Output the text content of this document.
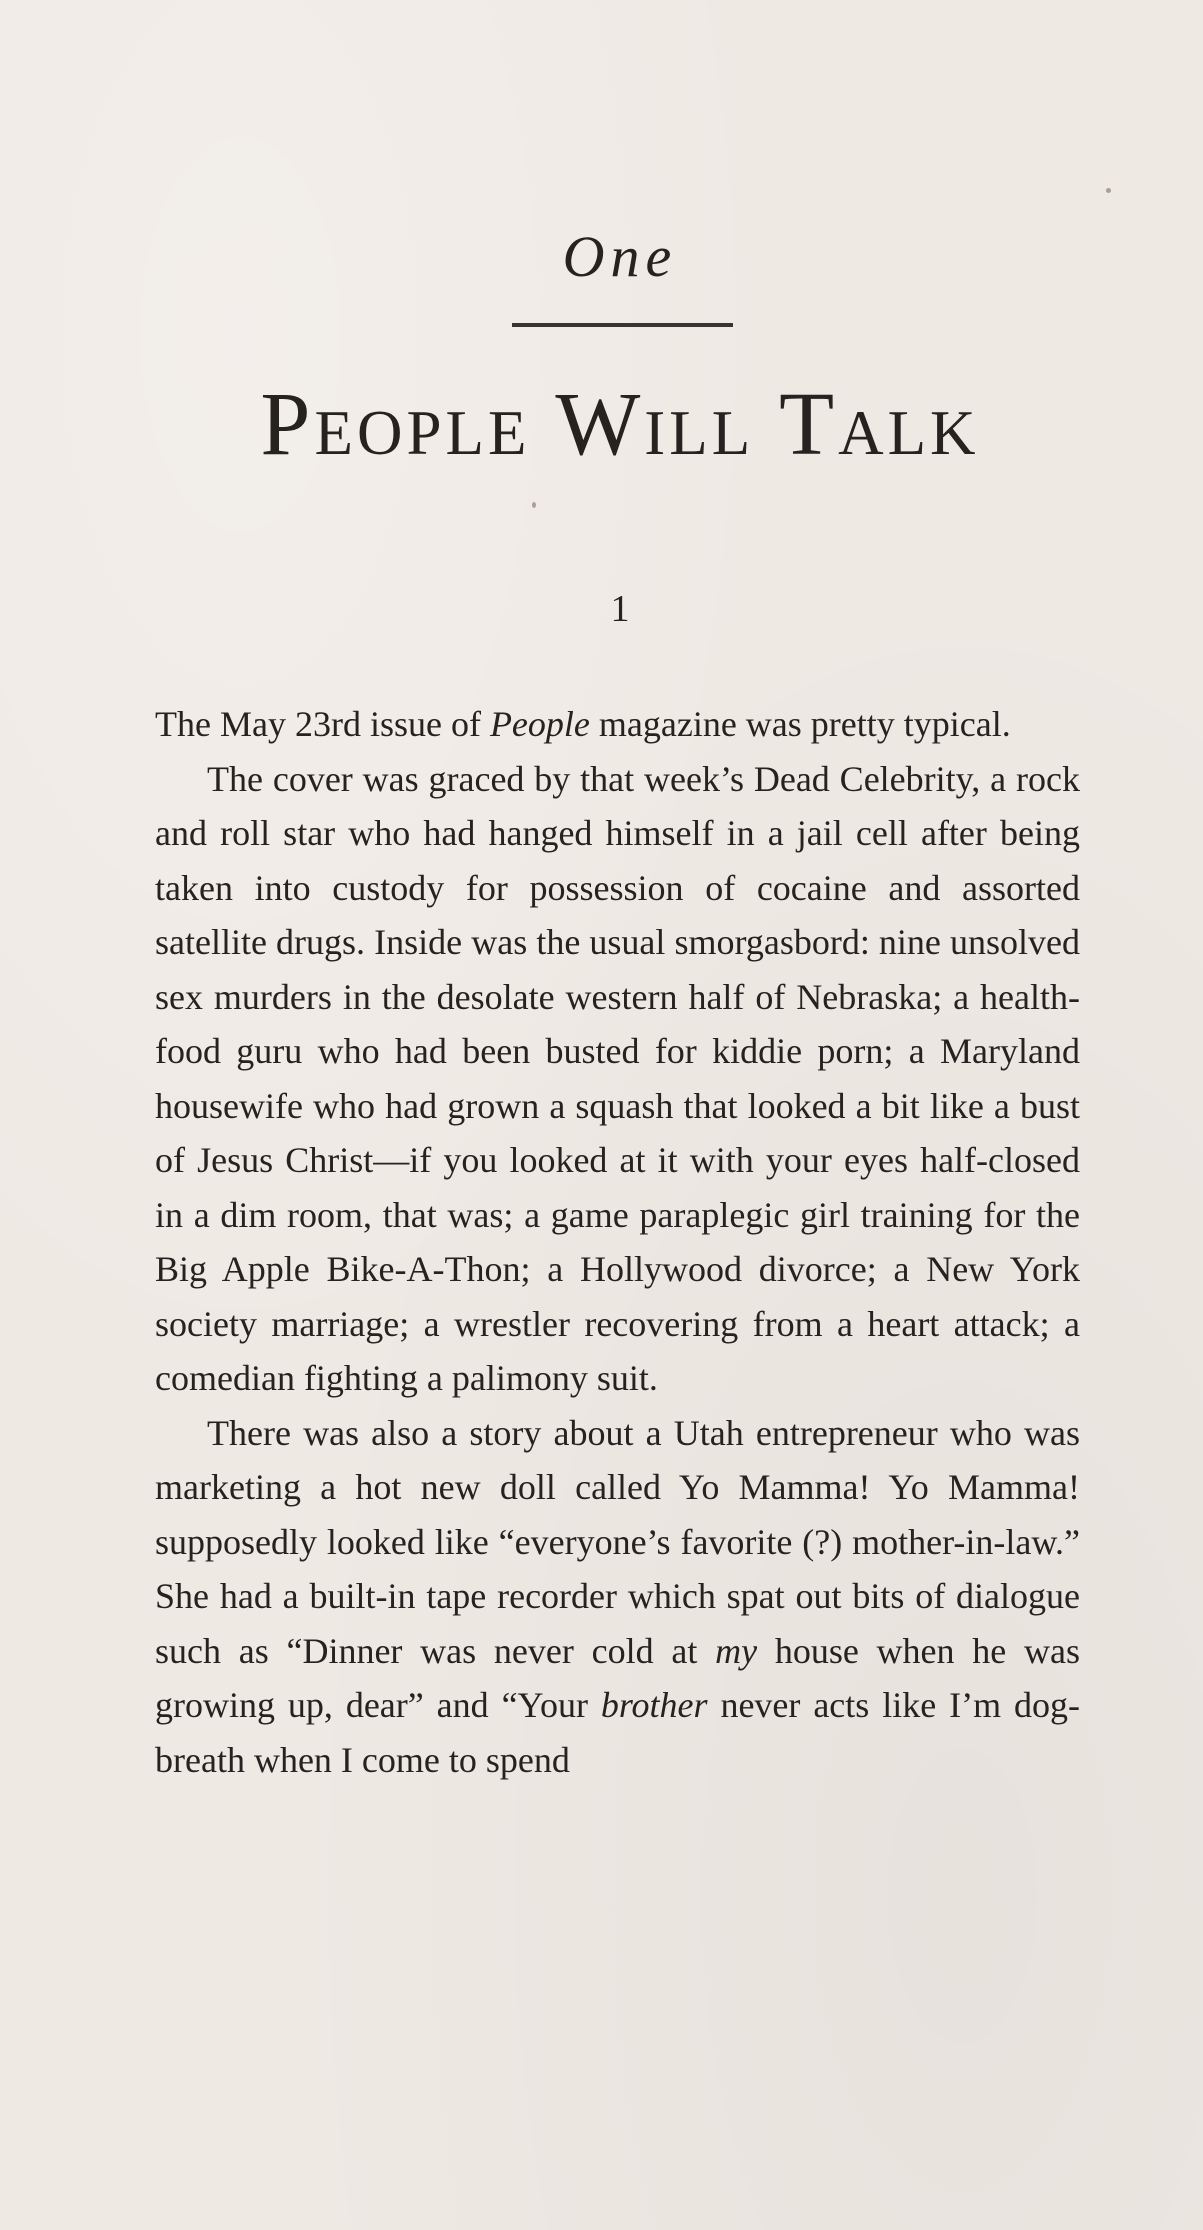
One
People Will Talk
1

The May 23rd issue of People magazine was pretty typical.

The cover was graced by that week’s Dead Celebrity, a rock and roll star who had hanged himself in a jail cell after being taken into custody for possession of cocaine and assorted satellite drugs. Inside was the usual smorgasbord: nine unsolved sex murders in the desolate western half of Nebraska; a health-food guru who had been busted for kiddie porn; a Maryland housewife who had grown a squash that looked a bit like a bust of Jesus Christ—if you looked at it with your eyes half-closed in a dim room, that was; a game paraplegic girl training for the Big Apple Bike-A-Thon; a Hollywood divorce; a New York society marriage; a wrestler recovering from a heart attack; a comedian fighting a palimony suit.

There was also a story about a Utah entrepreneur who was marketing a hot new doll called Yo Mamma! Yo Mamma! supposedly looked like “everyone’s favorite (?) mother-in-law.” She had a built-in tape recorder which spat out bits of dialogue such as “Dinner was never cold at my house when he was growing up, dear” and “Your brother never acts like I’m dog-breath when I come to spend
